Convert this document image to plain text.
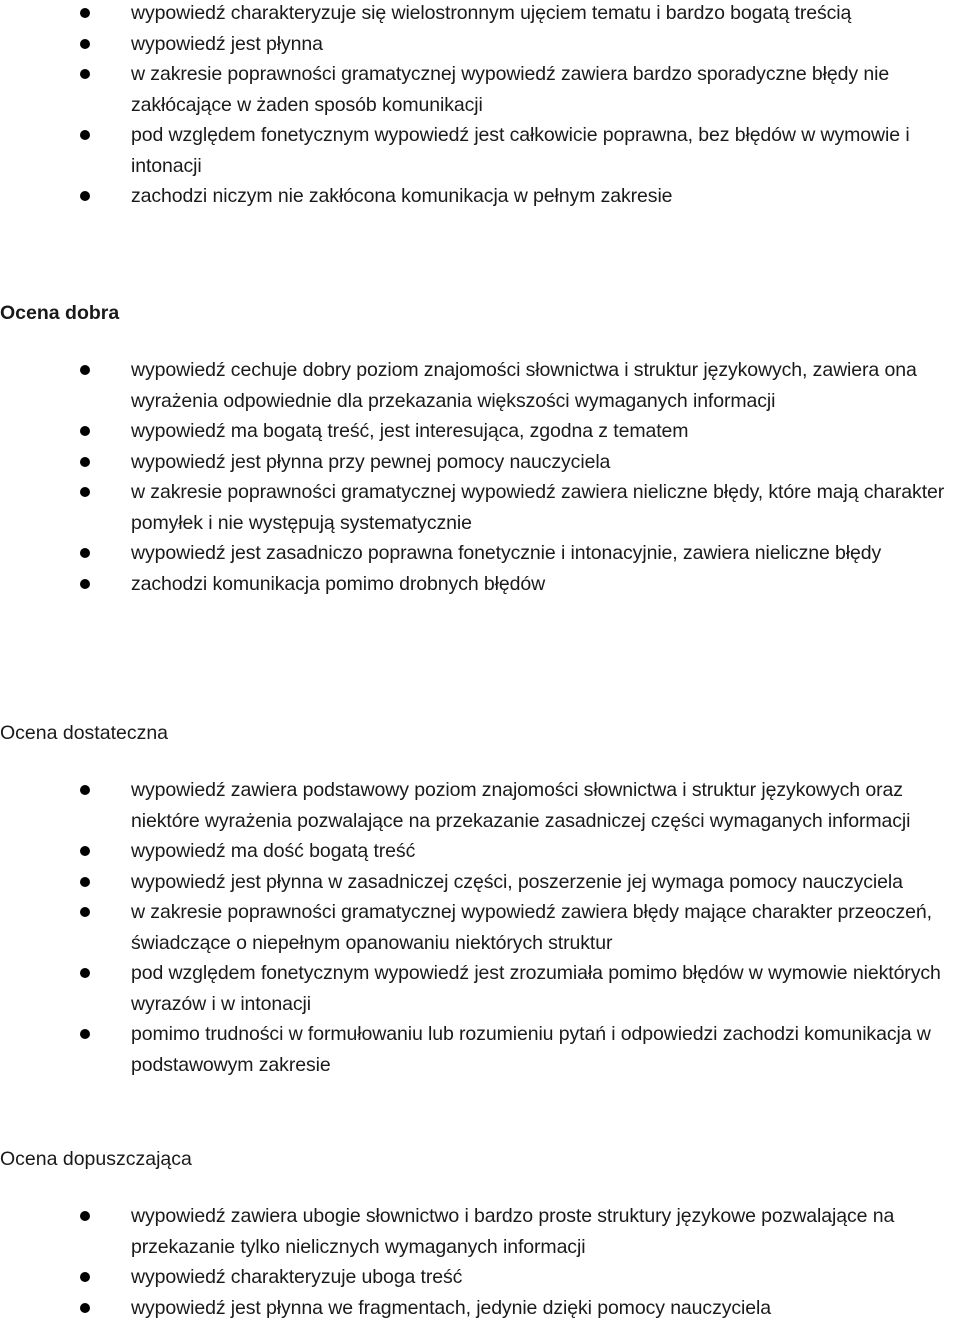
wypowiedź charakteryzuje się wielostronnym ujęciem tematu i bardzo bogatą treścią
wypowiedź jest płynna
w zakresie poprawności gramatycznej wypowiedź zawiera bardzo sporadyczne błędy nie zakłócające w żaden sposób komunikacji
pod względem fonetycznym wypowiedź jest całkowicie poprawna, bez błędów w wymowie i intonacji
zachodzi niczym nie zakłócona komunikacja w pełnym zakresie
Ocena dobra
wypowiedź cechuje dobry poziom znajomości słownictwa i struktur językowych, zawiera ona wyrażenia odpowiednie dla przekazania większości wymaganych informacji
wypowiedź ma bogatą treść, jest interesująca, zgodna z tematem
wypowiedź jest płynna przy pewnej pomocy nauczyciela
w zakresie poprawności gramatycznej wypowiedź zawiera nieliczne błędy, które mają charakter pomyłek i nie występują systematycznie
wypowiedź jest zasadniczo poprawna fonetycznie i intonacyjnie, zawiera nieliczne błędy
zachodzi komunikacja pomimo drobnych błędów
Ocena dostateczna
wypowiedź zawiera podstawowy poziom znajomości słownictwa i struktur językowych oraz niektóre wyrażenia pozwalające na przekazanie zasadniczej części wymaganych informacji
wypowiedź ma dość bogatą treść
wypowiedź jest płynna w zasadniczej części, poszerzenie jej wymaga pomocy nauczyciela
w zakresie poprawności gramatycznej wypowiedź zawiera błędy mające charakter przeoczeń, świadczące o niepełnym opanowaniu niektórych struktur
pod względem fonetycznym wypowiedź jest zrozumiała pomimo błędów w wymowie niektórych wyrazów i w intonacji
pomimo trudności w formułowaniu lub rozumieniu pytań i odpowiedzi zachodzi komunikacja w podstawowym zakresie
Ocena dopuszczająca
wypowiedź zawiera ubogie słownictwo i bardzo proste struktury językowe pozwalające na przekazanie tylko nielicznych wymaganych informacji
wypowiedź charakteryzuje uboga treść
wypowiedź jest płynna we fragmentach, jedynie dzięki pomocy nauczyciela
